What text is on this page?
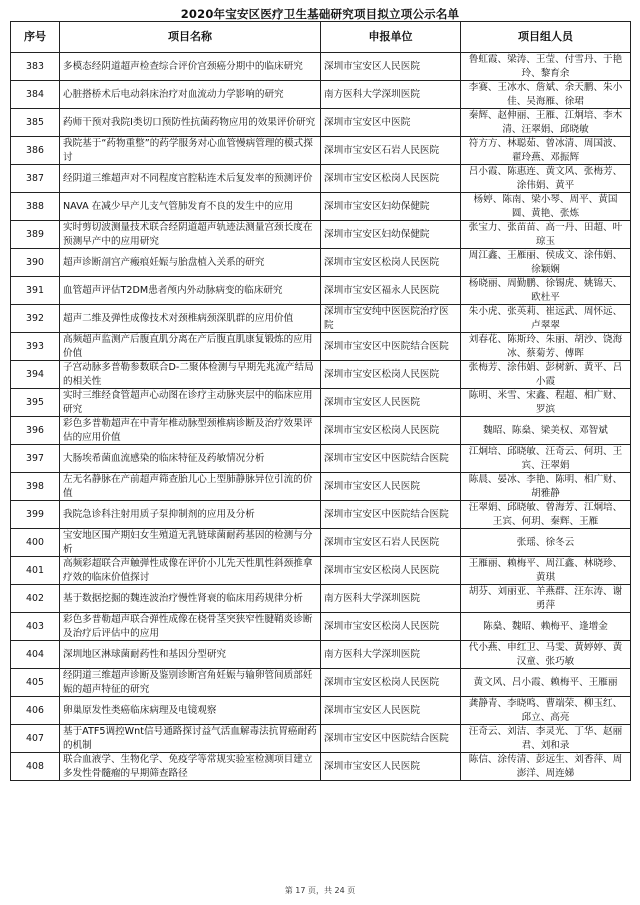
2020年宝安区医疗卫生基础研究项目拟立项公示名单
序号	项目名称	申报单位	项目组人员
383	多模态经阴道超声检查综合评价宫颈癌分期中的临床研究	深圳市宝安区人民医院	鲁虹霞、梁涛、王莹、付雪丹、于艳玲、黎育余
384	心脏搭桥术后电动斜床治疗对血流动力学影响的研究	南方医科大学深圳医院	李赛、王冰水、詹斌、余天鹏、朱小佳、吴海雁、徐珺
385	药师干预对我院I类切口预防性抗菌药物应用的效果评价研究	深圳市宝安区中医院	秦辉、赵伸丽、王雁、江炯培、李木清、汪翠娟、邱晓敏
386	我院基于“药物重整”的药学服务对心血管慢病管理的模式探讨	深圳市宝安区石岩人民医院	符方方、林聪茹、曾冰清、周国波、翟玲燕、邓振辉
387	经阴道三维超声对不同程度宫腔粘连术后复发率的预测评价	深圳市宝安区松岗人民医院	吕小霞、陈惠连、黄文风、张梅芳、涂伟娟、黄平
388	NAVA 在减少早产儿支气管肺发育不良的发生中的应用	深圳市宝安区妇幼保健院	杨婷、陈南、梁小琴、周平、黄国圆、黄艳、张炼
389	实时剪切波测量技术联合经阴道超声轨迹法测量宫颈长度在预测早产中的应用研究	深圳市宝安区妇幼保健院	张宝力、张苗苗、高一丹、田超、叶琼玉
390	超声诊断剖宫产瘢痕妊娠与胎盘植入关系的研究	深圳市宝安区松岗人民医院	周江鑫、王雁丽、侯成文、涂伟娟、徐颖娴
391	血管超声评估T2DM患者颅内外动脉病变的临床研究	深圳市宝安区福永人民医院	杨晓丽、周勤鹏、徐锡虎、姚锦天、欧杜平
392	超声二维及弹性成像技术对颈椎病颈深肌群的应用价值	深圳市宝安纯中医医院治疗医院	朱小虎、张英莉、崔远武、周怀远、卢翠翠
393	高频超声监测产后腹直肌分离在产后腹直肌康复锻炼的应用价值	深圳市宝安区中医院结合医院	刘春花、陈斯玲、朱丽、胡沙、饶海冰、蔡菊芳、傅晖
394	子宫动脉多普勒参数联合D-二聚体检测与早期先兆流产结局的相关性	深圳市宝安区松岗人民医院	张梅芳、涂伟娟、彭树新、黄平、吕小霞
395	实时三维经食管超声心动图在诊疗主动脉夹层中的临床应用研究	深圳市宝安区人民医院	陈明、米雪、宋鑫、程超、相广财、罗滨
396	彩色多普勒超声在中青年椎动脉型颈椎病诊断及治疗效果评估的应用价值	深圳市宝安区松岗人民医院	魏昭、陈燊、梁美权、邓智斌
397	大肠埃希菌血流感染的临床特征及药敏情况分析	深圳市宝安区中医院结合医院	江炯培、邱晓敏、汪奇云、何玥、王宾、汪翠娟
398	左无名静脉在产前超声筛查胎儿心上型肺静脉异位引流的价值	深圳市宝安区人民医院	陈晨、晏冰、李艳、陈明、相广财、胡雅静
399	我院急诊科注射用质子泵抑制剂的应用及分析	深圳市宝安区中医院结合医院	汪翠娟、邱晓敏、曾海芳、江炯培、王宾、何玥、秦辉、王雁
400	宝安地区围产期妇女生殖道无乳链球菌耐药基因的检测与分析	深圳市宝安区石岩人民医院	张瑶、徐冬云
401	高频彩超联合声触弹性成像在评价小儿先天性肌性斜颈推拿疗效的临床价值探讨	深圳市宝安区松岗人民医院	王雁丽、赖梅平、周江鑫、林晓珍、黄琪
402	基于数据挖掘的魏连波治疗慢性肾衰的临床用药规律分析	南方医科大学深圳医院	胡芬、刘丽亚、羊燕群、汪东涛、谢勇萍
403	彩色多普勒超声联合弹性成像在桡骨茎突狭窄性腱鞘炎诊断及治疗后评估中的应用	深圳市宝安区松岗人民医院	陈燊、魏昭、赖梅平、逢增金
404	深圳地区淋球菌耐药性和基因分型研究	南方医科大学深圳医院	代小燕、申红卫、马雯、黄婷婷、黄汉童、张巧敏
405	经阴道三维超声诊断及鉴别诊断宫角妊娠与输卵管间质部妊娠的超声特征的研究	深圳市宝安区松岗人民医院	黄文风、吕小霞、赖梅平、王雁丽
406	卵巢原发性类癌临床病理及电镜观察	深圳市宝安区人民医院	龚静青、李晓鸣、曹端荣、柳玉红、邱立、高亮
407	基于ATF5调控Wnt信号通路探讨益气活血解毒法抗胃癌耐药的机制	深圳市宝安区中医院结合医院	汪奇云、刘洁、李灵光、丁华、赵丽君、刘和录
408	联合血液学、生物化学、免疫学等常规实验室检测项目建立多发性骨髓瘤的早期筛查路径	深圳市宝安区人民医院	陈信、涂传清、彭远生、刘香萍、周澎洋、周连娣
第 17 页，共 24 页
